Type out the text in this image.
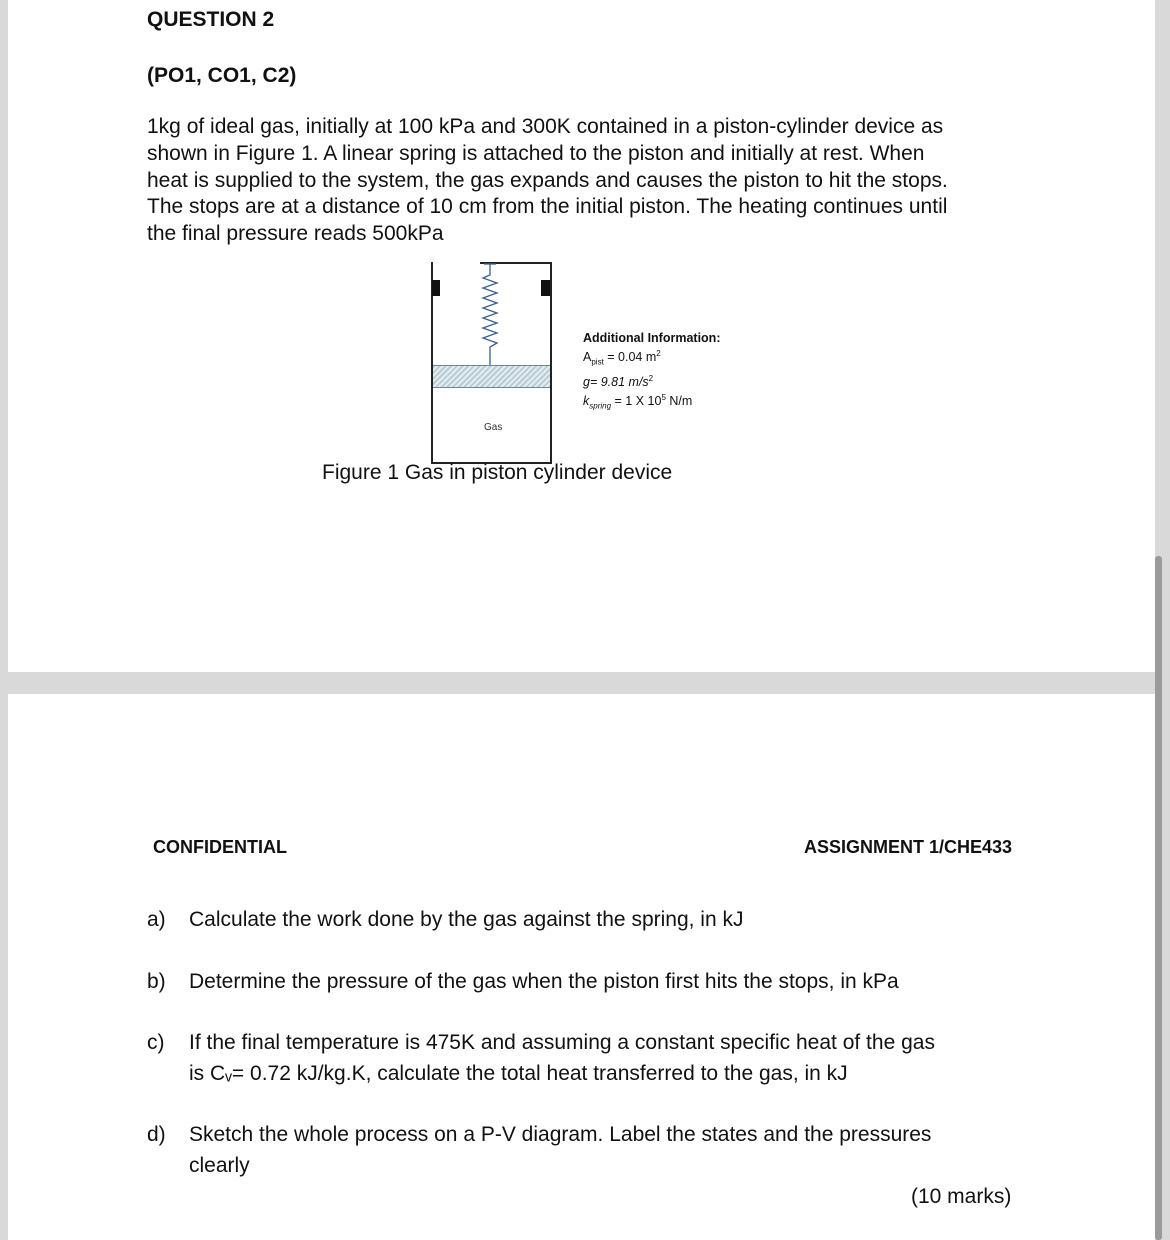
QUESTION 2
(PO1, CO1, C2)
1kg of ideal gas, initially at 100 kPa and 300K contained in a piston-cylinder device as
shown in Figure 1. A linear spring is attached to the piston and initially at rest. When
heat is supplied to the system, the gas expands and causes the piston to hit the stops.
The stops are at a distance of 10 cm from the initial piston. The heating continues until
the final pressure reads 500kPa
Gas
Additional Information:
$A_{pist} = 0.04$ $m^2$
g= 9.81 $m/s^2$
$k_{spring} = 1$ X $10^5$ N/m
Figure 1 Gas in piston cylinder device
CONFIDENTIAL	ASSIGNMENT 1/CHE433
a) Calculate the work done by the gas against the spring, in kJ
b) Determine the pressure of the gas when the piston first hits the stops, in kPa
c) If the final temperature is 475K and assuming a constant specific heat of the gas
is Cᵥ= 0.72 kJ/kg.K, calculate the total heat transferred to the gas, in kJ
d) Sketch the whole process on a P-V diagram. Label the states and the pressures
clearly
(10 marks)
